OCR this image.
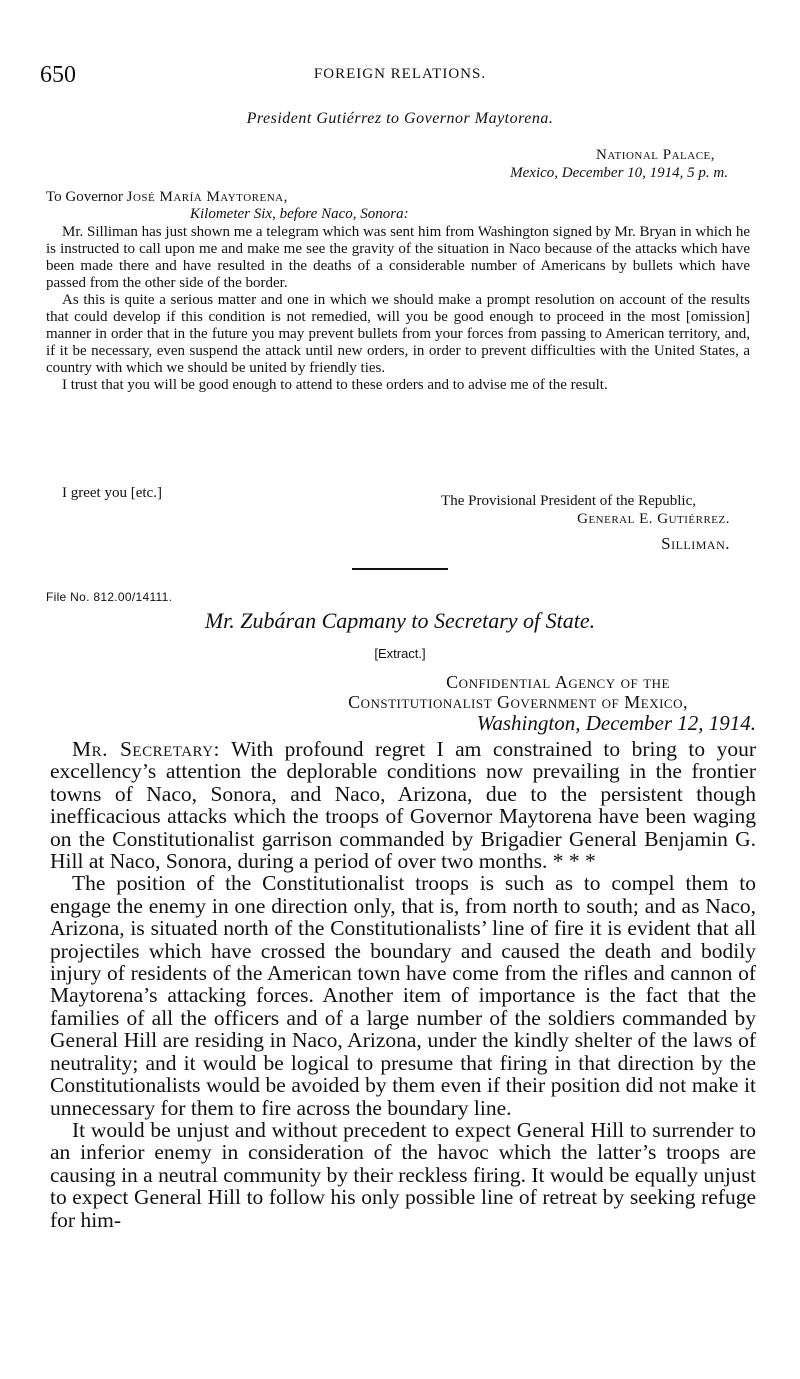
650	FOREIGN RELATIONS.
President Gutiérrez to Governor Maytorena.
National Palace,
Mexico, December 10, 1914, 5 p. m.
To Governor José María Maytorena,
Kilometer Six, before Naco, Sonora:

Mr. Silliman has just shown me a telegram which was sent him from Washington signed by Mr. Bryan in which he is instructed to call upon me and make me see the gravity of the situation in Naco because of the attacks which have been made there and have resulted in the deaths of a considerable number of Americans by bullets which have passed from the other side of the border.

As this is quite a serious matter and one in which we should make a prompt resolution on account of the results that could develop if this condition is not remedied, will you be good enough to proceed in the most [omission] manner in order that in the future you may prevent bullets from your forces from passing to American territory, and, if it be necessary, even suspend the attack until new orders, in order to prevent difficulties with the United States, a country with which we should be united by friendly ties.

I trust that you will be good enough to attend to these orders and to advise me of the result.

I greet you [etc.]	The Provisional President of the Republic,
General E. Gutiérrez.
Silliman.
File No. 812.00/14111.
Mr. Zubáran Capmany to Secretary of State.
[Extract.]
Confidential Agency of the
Constitutionalist Government of Mexico,
Washington, December 12, 1914.

Mr. Secretary: With profound regret I am constrained to bring to your excellency’s attention the deplorable conditions now prevailing in the frontier towns of Naco, Sonora, and Naco, Arizona, due to the persistent though inefficacious attacks which the troops of Governor Maytorena have been waging on the Constitutionalist garrison commanded by Brigadier General Benjamin G. Hill at Naco, Sonora, during a period of over two months. * * *

The position of the Constitutionalist troops is such as to compel them to engage the enemy in one direction only, that is, from north to south; and as Naco, Arizona, is situated north of the Constitutionalists’ line of fire it is evident that all projectiles which have crossed the boundary and caused the death and bodily injury of residents of the American town have come from the rifles and cannon of Maytorena’s attacking forces. Another item of importance is the fact that the families of all the officers and of a large number of the soldiers commanded by General Hill are residing in Naco, Arizona, under the kindly shelter of the laws of neutrality; and it would be logical to presume that firing in that direction by the Constitutionalists would be avoided by them even if their position did not make it unnecessary for them to fire across the boundary line.

It would be unjust and without precedent to expect General Hill to surrender to an inferior enemy in consideration of the havoc which the latter’s troops are causing in a neutral community by their reckless firing. It would be equally unjust to expect General Hill to follow his only possible line of retreat by seeking refuge for him-
